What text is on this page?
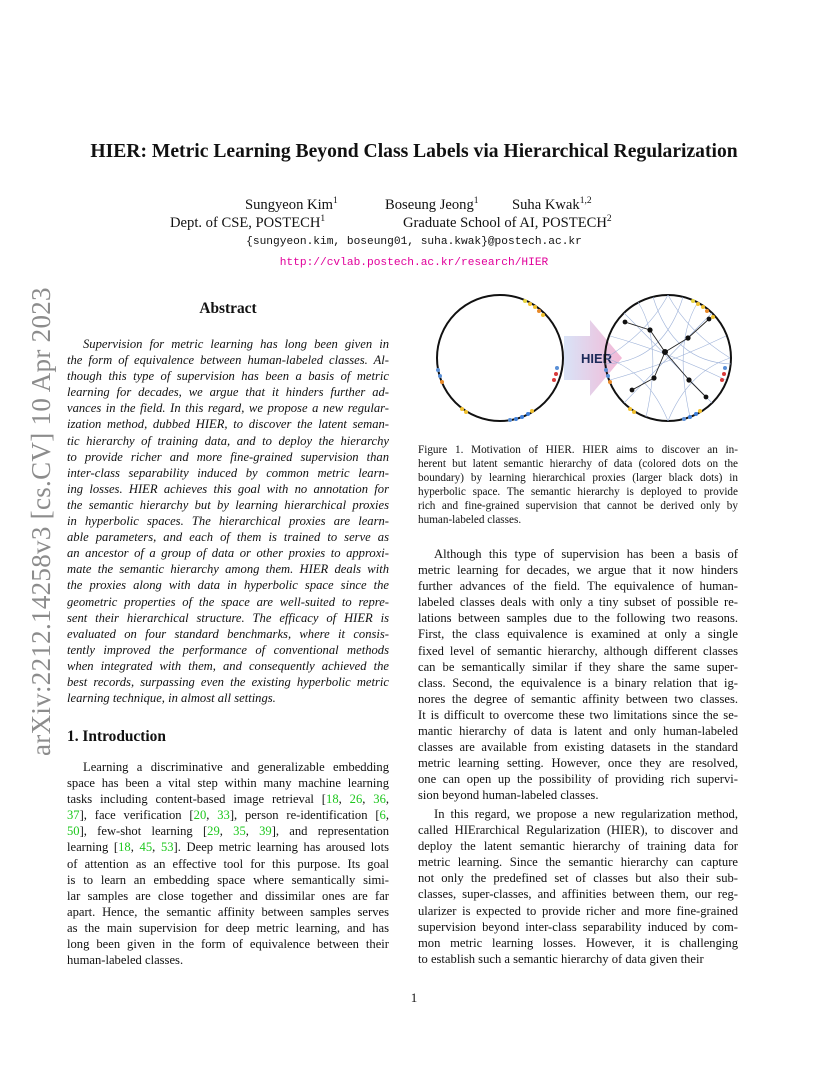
arXiv:2212.14258v3 [cs.CV] 10 Apr 2023
HIER: Metric Learning Beyond Class Labels via Hierarchical Regularization
Sungyeon Kim$^1$	Boseung Jeong$^1$ Suha Kwak$^{1,2}$
Dept. of CSE, POSTECH$^1$	Graduate School of AI, POSTECH$^2$
{sungyeon.kim, boseung01, suha.kwak}@postech.ac.kr
http://cvlab.postech.ac.kr/research/HIER
Abstract
Supervision for metric learning has long been given in
the form of equivalence between human-labeled classes. Al-
though this type of supervision has been a basis of metric
learning for decades, we argue that it hinders further ad-
vances in the field. In this regard, we propose a new regular-
ization method, dubbed HIER, to discover the latent seman-
tic hierarchy of training data, and to deploy the hierarchy
to provide richer and more fine-grained supervision than
inter-class separability induced by common metric learn-
ing losses. HIER achieves this goal with no annotation for
the semantic hierarchy but by learning hierarchical proxies
in hyperbolic spaces. The hierarchical proxies are learn-
able parameters, and each of them is trained to serve as
an ancestor of a group of data or other proxies to approxi-
mate the semantic hierarchy among them. HIER deals with
the proxies along with data in hyperbolic space since the
geometric properties of the space are well-suited to repre-
sent their hierarchical structure. The efficacy of HIER is
evaluated on four standard benchmarks, where it consis-
tently improved the performance of conventional methods
when integrated with them, and consequently achieved the
best records, surpassing even the existing hyperbolic metric
learning technique, in almost all settings.
1. Introduction
Learning a discriminative and generalizable embedding
space has been a vital step within many machine learning
tasks including content-based image retrieval [18, 26, 36,
37], face verification [20, 33], person re-identification [6,
50], few-shot learning [29, 35, 39], and representation
learning [18, 45, 53]. Deep metric learning has aroused lots
of attention as an effective tool for this purpose. Its goal
is to learn an embedding space where semantically simi-
lar samples are close together and dissimilar ones are far
apart. Hence, the semantic affinity between samples serves
as the main supervision for deep metric learning, and has
long been given in the form of equivalence between their
human-labeled classes.
HIER
Figure 1. Motivation of HIER. HIER aims to discover an in-
herent but latent semantic hierarchy of data (colored dots on the
boundary) by learning hierarchical proxies (larger black dots) in
hyperbolic space. The semantic hierarchy is deployed to provide
rich and fine-grained supervision that cannot be derived only by
human-labeled classes.
Although this type of supervision has been a basis of
metric learning for decades, we argue that it now hinders
further advances of the field. The equivalence of human-
labeled classes deals with only a tiny subset of possible re-
lations between samples due to the following two reasons.
First, the class equivalence is examined at only a single
fixed level of semantic hierarchy, although different classes
can be semantically similar if they share the same super-
class. Second, the equivalence is a binary relation that ig-
nores the degree of semantic affinity between two classes.
It is difficult to overcome these two limitations since the se-
mantic hierarchy of data is latent and only human-labeled
classes are available from existing datasets in the standard
metric learning setting. However, once they are resolved,
one can open up the possibility of providing rich supervi-
sion beyond human-labeled classes.
In this regard, we propose a new regularization method,
called HIErarchical Regularization (HIER), to discover and
deploy the latent semantic hierarchy of training data for
metric learning. Since the semantic hierarchy can capture
not only the predefined set of classes but also their sub-
classes, super-classes, and affinities between them, our reg-
ularizer is expected to provide richer and more fine-grained
supervision beyond inter-class separability induced by com-
mon metric learning losses. However, it is challenging
to establish such a semantic hierarchy of data given their
1
